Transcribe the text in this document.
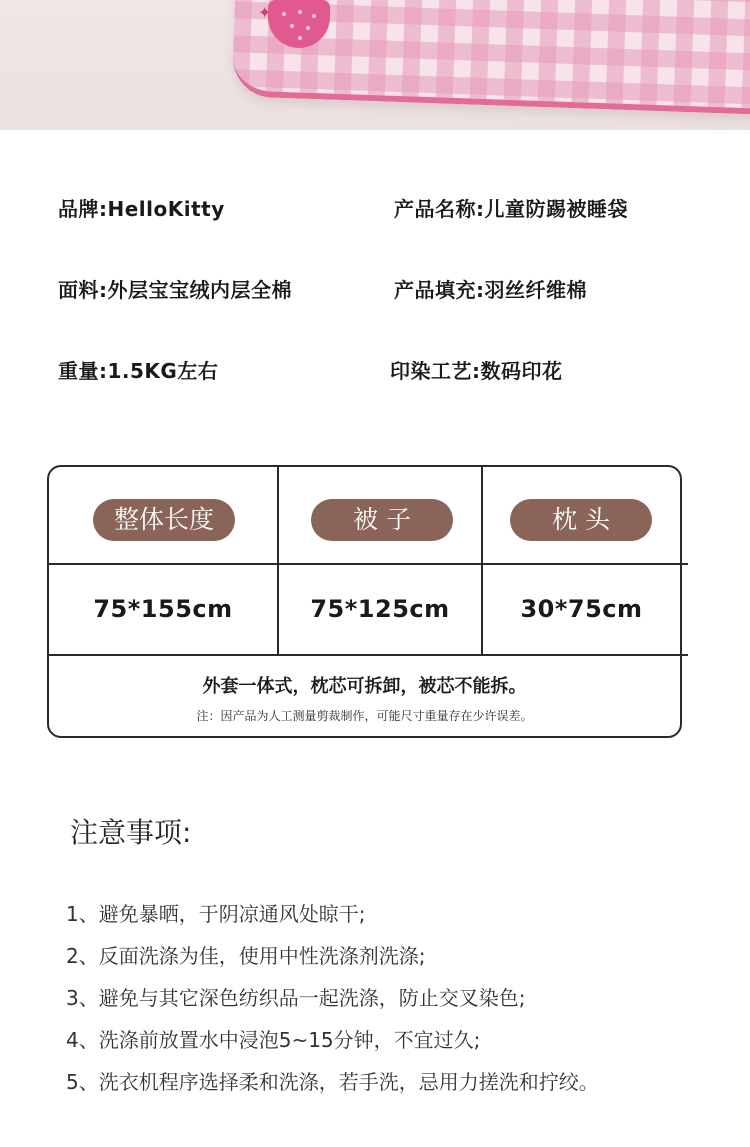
✦
品牌:HelloKitty	产品名称:儿童防踢被睡袋
面料:外层宝宝绒内层全棉	产品填充:羽丝纤维棉
重量:1.5KG左右	印染工艺:数码印花
整体长度	被 子	枕 头
75*155cm	75*125cm	30*75cm
外套一体式，枕芯可拆卸，被芯不能拆。
注：因产品为人工测量剪裁制作，可能尺寸重量存在少许误差。
注意事项:
1、避免暴晒，于阴凉通风处晾干;
2、反面洗涤为佳，使用中性洗涤剂洗涤;
3、避免与其它深色纺织品一起洗涤，防止交叉染色;
4、洗涤前放置水中浸泡5~15分钟，不宜过久;
5、洗衣机程序选择柔和洗涤，若手洗，忌用力搓洗和拧绞。
